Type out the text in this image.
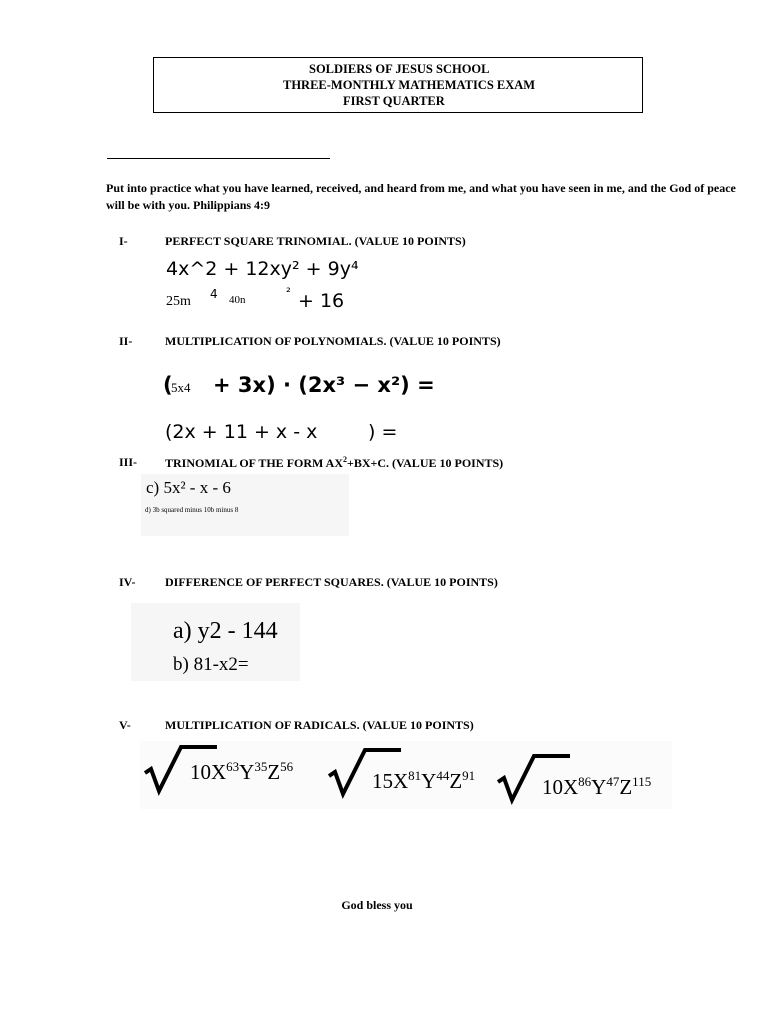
SOLDIERS OF JESUS SCHOOL
THREE-MONTHLY MATHEMATICS EXAM
FIRST QUARTER
Put into practice what you have learned, received, and heard from me, and what you have seen in me, and the God of peace will be with you. Philippians 4:9
I-	PERFECT SQUARE TRINOMIAL. (VALUE 10 POINTS)
4x^2 + 12xy² + 9y⁴
25m 4 40n
² + 16
II-	MULTIPLICATION OF POLYNOMIALS. (VALUE 10 POINTS)
(
5x4 + 3x) · (2x³ − x²) =
(2x + 11 + x - x	) =
III- TRINOMIAL OF THE FORM $AX^2+BX+C$. (VALUE 10 POINTS)
c) 5x² - x - 6
d) 3b squared minus 10b minus 8
IV- DIFFERENCE OF PERFECT SQUARES. (VALUE 10 POINTS)
a) y2 - 144
b) 81-x2=
V-	MULTIPLICATION OF RADICALS. (VALUE 10 POINTS)
$10X^{63}Y^{35}Z^{56}$
$15X^{81}Y^{44}Z^{91}$	$10X^{86}Y^{47}Z^{115}$
God bless you
